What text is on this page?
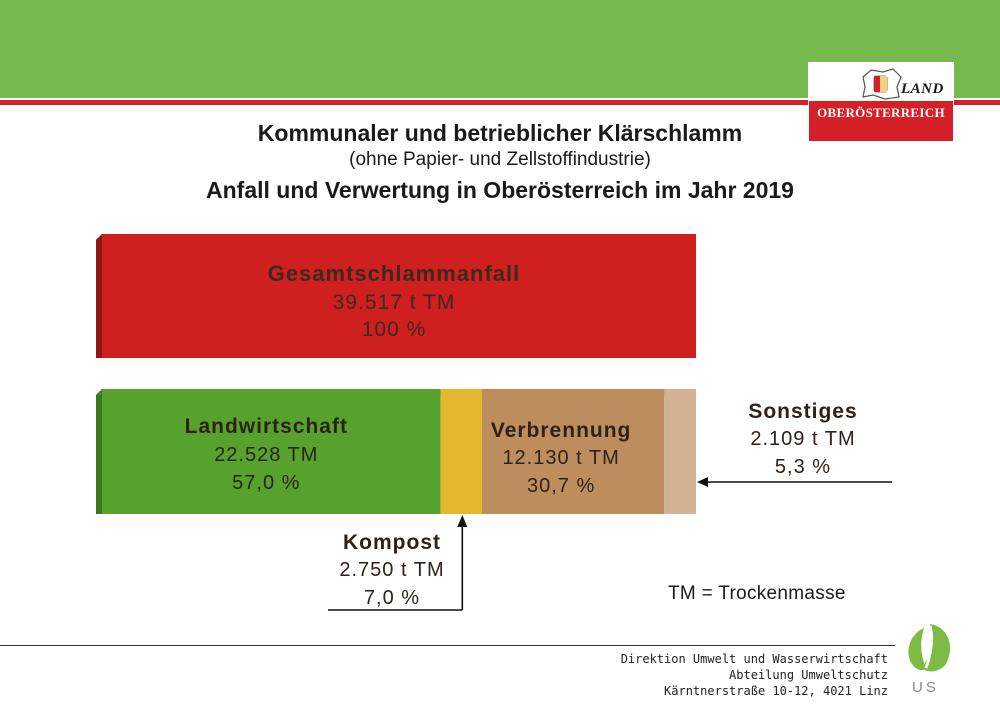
LAND
OBERÖSTERREICH
Kommunaler und betrieblicher Klärschlamm
(ohne Papier- und Zellstoffindustrie)
Anfall und Verwertung in Oberösterreich im Jahr 2019
Gesamtschlammanfall
39.517 t TM
100 %
Landwirtschaft
22.528 TM
57,0 %
Verbrennung
12.130 t TM
30,7 %
Kompost
2.750 t TM
7,0 %
Sonstiges
2.109 t TM
5,3 %
TM = Trockenmasse
Direktion Umwelt und Wasserwirtschaft
Abteilung Umweltschutz
Kärntnerstraße 10-12, 4021 Linz US
